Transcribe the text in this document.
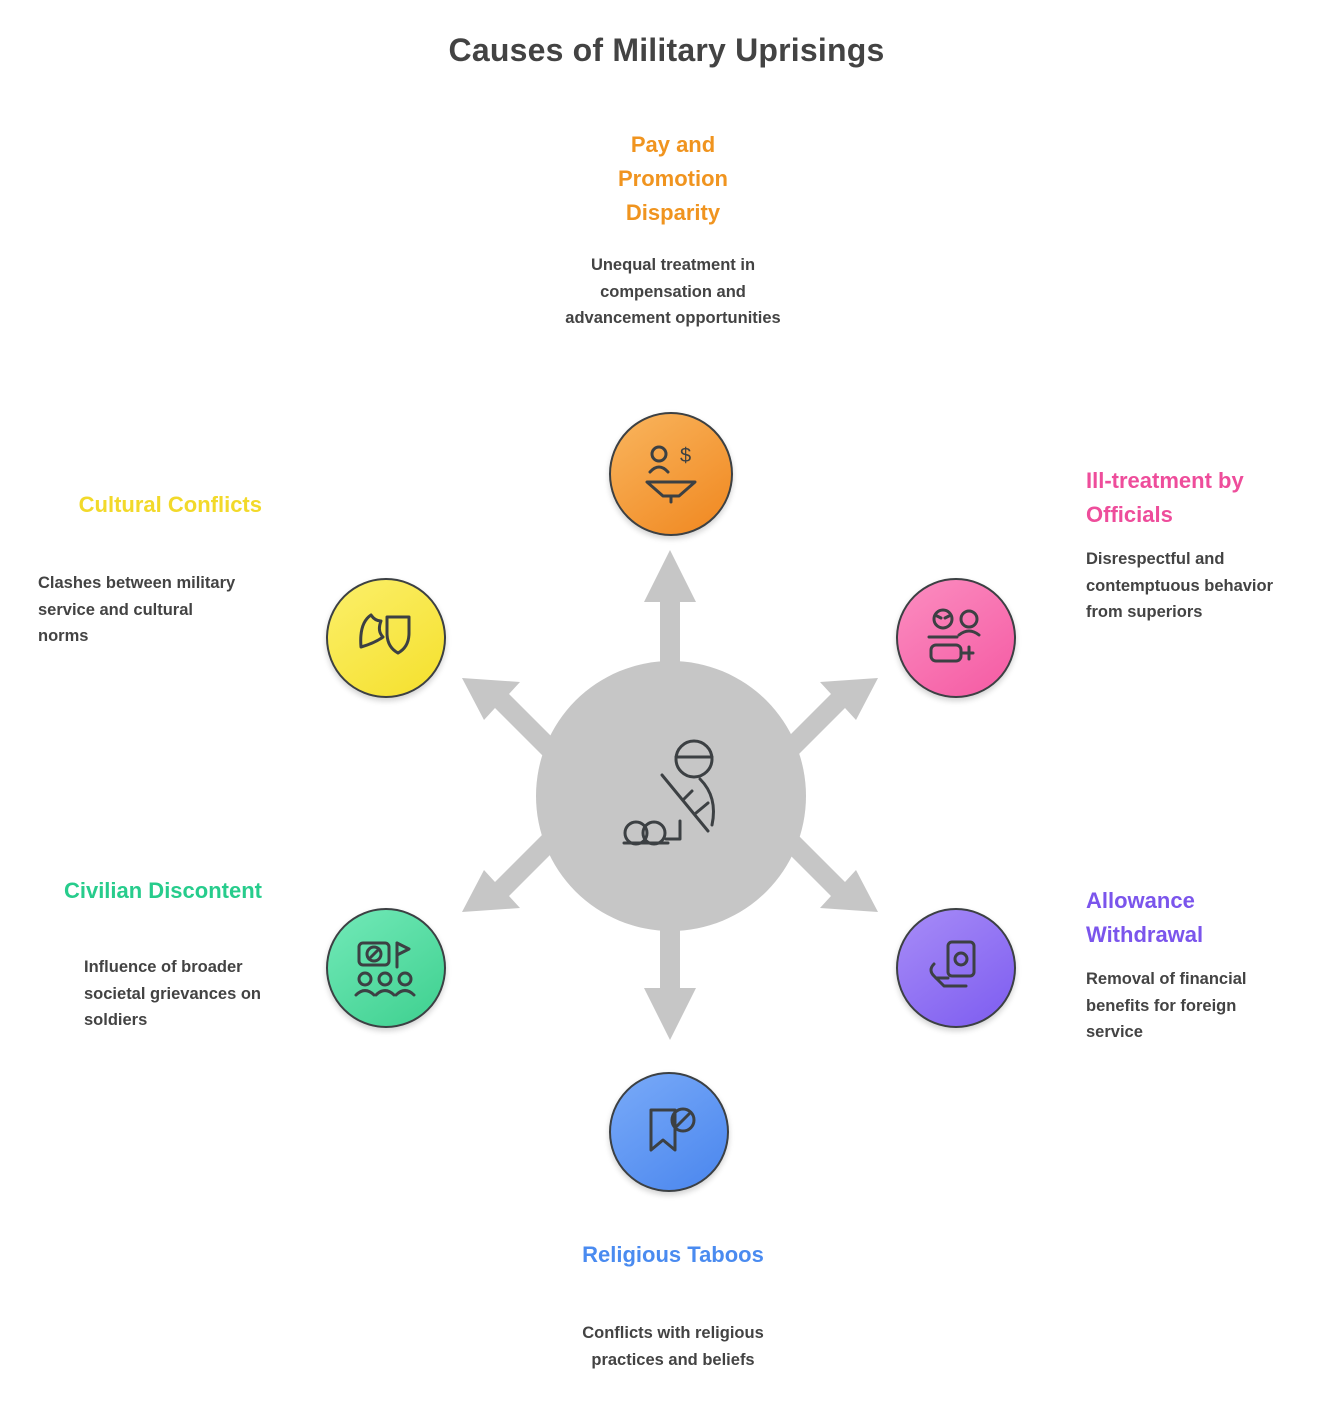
Causes of Military Uprisings
Pay and Promotion Disparity
Unequal treatment in compensation and advancement opportunities
$
Ill-treatment by Officials
Disrespectful and contemptuous behavior from superiors
Allowance Withdrawal
Removal of financial benefits for foreign service
Religious Taboos
Conflicts with religious practices and beliefs
Civilian Discontent
Influence of broader societal grievances on soldiers
Cultural Conflicts
Clashes between military service and cultural norms
